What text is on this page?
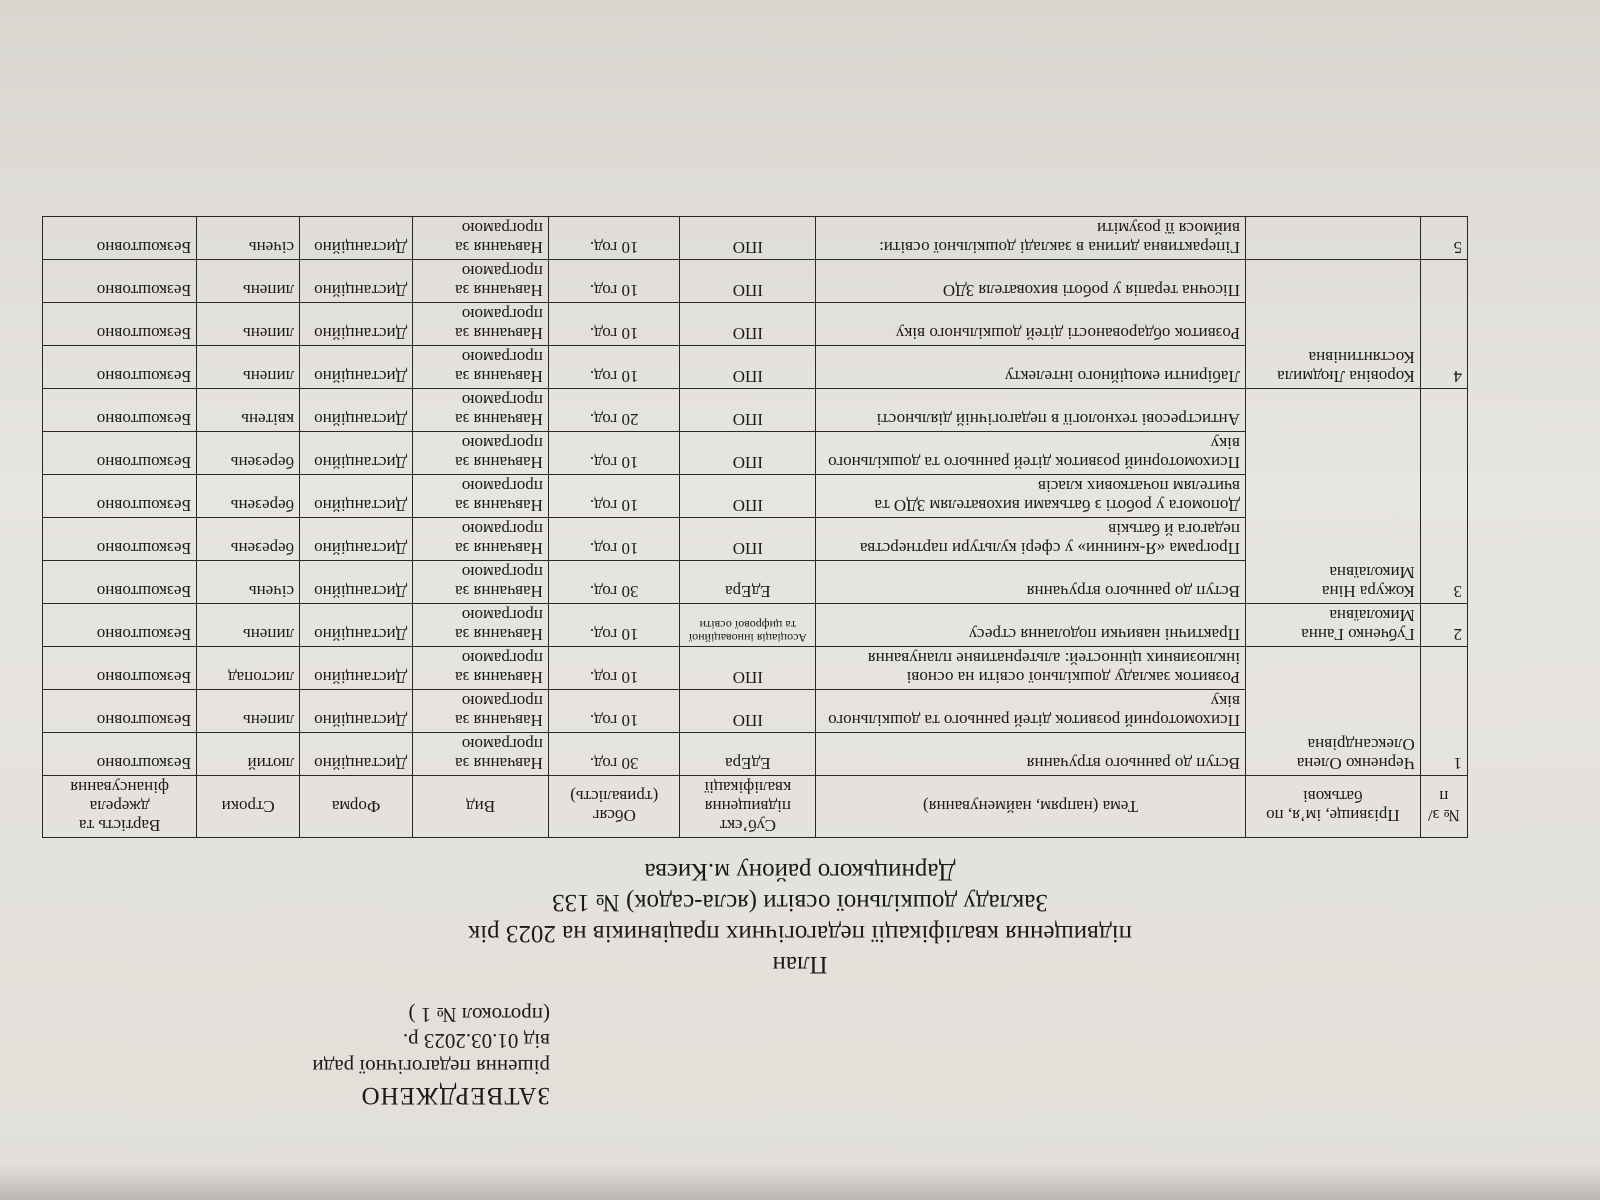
ЗАТВЕРДЖЕНО
рішення педагогічної ради
від 01.03.2023 р.
(протокол № 1 )
План
підвищення кваліфікації педагогічних працівників на 2023 рік
Закладу дошкільної освіти (ясла-садок) № 133
Дарницького району м.Києва
№ з/п	Прізвище, ім’я, по батькові	Тема (напрям, найменування)	Суб’єкт підвищення кваліфікації	Обсяг (тривалість)	Вид	Форма	Строки	Вартість та джерела фінансування
1	Черненко Олена Олександрівна	Вступ до раннього втручання	ЕдЕра	30 год.	Навчання за програмою	Дистанційно	лютий	Безкоштовно
		Психомоторний розвиток дітей раннього та дошкільного віку	ІПО	10 год.	Навчання за програмою	Дистанційно	липень	Безкоштовно
		Розвиток закладу дошкільної освіти на основі інклюзивних цінностей: альтернативне планування	ІПО	10 год.	Навчання за програмою	Дистанційно	листопад	Безкоштовно
2	Губченко Ганна Миколаївна	Практичні навички подолання стресу	Асоціація інноваційної та цифрової освіти	10 год.	Навчання за програмою	Дистанційно	липень	Безкоштовно
3	Кожура Ніна Миколаївна	Вступ до раннього втручання	ЕдЕра	30 год.	Навчання за програмою	Дистанційно	січень	Безкоштовно
		Програма «Я-книнни» у сфері культури партнерства педагога й батьків	ІПО	10 год.	Навчання за програмою	Дистанційно	березень	Безкоштовно
		Допомога у роботі з батьками вихователям ЗДО та вчителям початкових класів	ІПО	10 год.	Навчання за програмою	Дистанційно	березень	Безкоштовно
		Психомоторний розвиток дітей раннього та дошкільного віку	ІПО	10 год.	Навчання за програмою	Дистанційно	березень	Безкоштовно
		Антистресові технології в педагогічній діяльності	ІПО	20 год.	Навчання за програмою	Дистанційно	квітень	Безкоштовно
4	Коровіна Людмила Костянтинівна	Лабіринти емоційного інтелекту	ІПО	10 год.	Навчання за програмою	Дистанційно	липень	Безкоштовно
		Розвиток обдарованості дітей дошкільного віку	ІПО	10 год.	Навчання за програмою	Дистанційно	липень	Безкоштовно
		Пісочна терапія у роботі вихователя ЗДО	ІПО	10 год.	Навчання за програмою	Дистанційно	липень	Безкоштовно
5		Гіперактивна дитина в закладі дошкільної освіти: виймося її розуміти	ІПО	10 год.	Навчання за програмою	Дистанційно	січень	Безкоштовно
